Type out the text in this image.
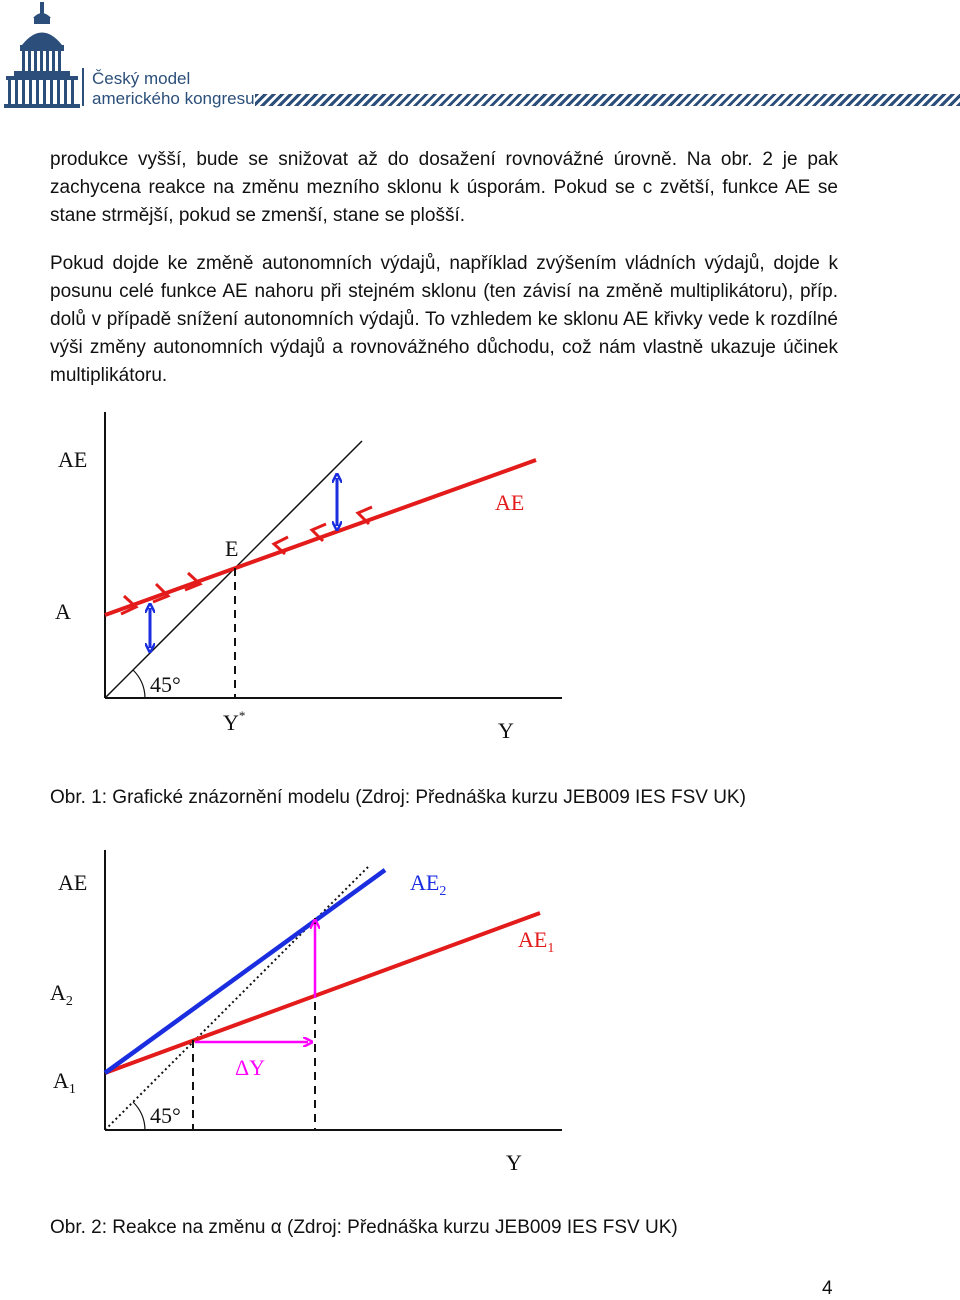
Český model
amerického kongresu

produkce vyšší, bude se snižovat až do dosažení rovnovážné úrovně. Na obr. 2 je pak zachycena reakce na změnu mezního sklonu k úsporám. Pokud se c zvětší, funkce AE se stane strmější, pokud se zmenší, stane se plošší.

Pokud dojde ke změně autonomních výdajů, například zvýšením vládních výdajů, dojde k posunu celé funkce AE nahoru při stejném sklonu (ten závisí na změně multiplikátoru), příp. dolů v případě snížení autonomních výdajů. To vzhledem ke sklonu AE křivky vede k rozdílné výši změny autonomních výdajů a rovnovážného důchodu, což nám vlastně ukazuje účinek multiplikátoru.

AE
AE
E
A
45°
Y*
Y

Obr. 1: Grafické znázornění modelu (Zdroj: Přednáška kurzu JEB009 IES FSV UK)

AE	$AE_2$
$AE_1$
$A_2$
$A_1$
ΔY
45°
Y

Obr. 2: Reakce na změnu α (Zdroj: Přednáška kurzu JEB009 IES FSV UK)

4
